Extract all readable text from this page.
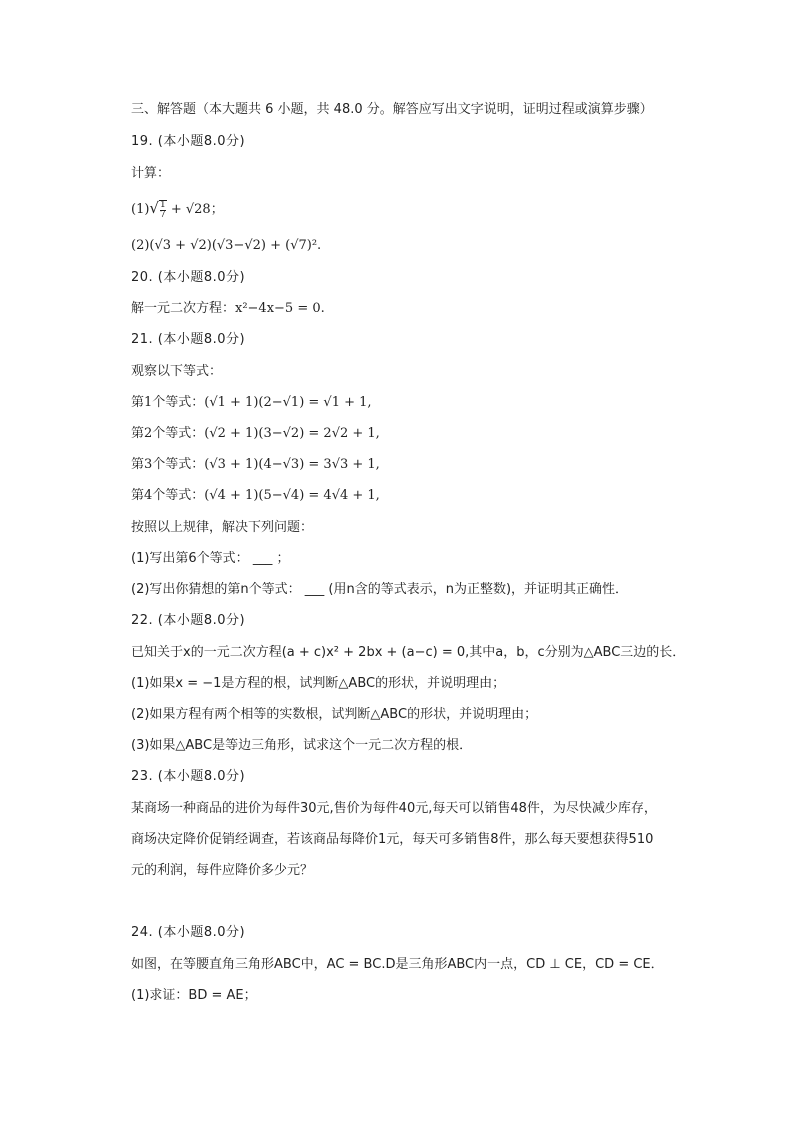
三、解答题（本大题共 6 小题，共 48.0 分。解答应写出文字说明，证明过程或演算步骤）
19. (本小题8.0分)
计算：
$(1)√ \frac{1}{7} + √28$；
(2)(√3 + √2)(√3−√2) + (√7)².
20. (本小题8.0分)
解一元二次方程：x²−4x−5 = 0.
21. (本小题8.0分)
观察以下等式：
第1个等式：(√1 + 1)(2−√1) = √1 + 1,
第2个等式：(√2 + 1)(3−√2) = 2√2 + 1,
第3个等式：(√3 + 1)(4−√3) = 3√3 + 1,
第4个等式：(√4 + 1)(5−√4) = 4√4 + 1,
按照以上规律，解决下列问题：
(1)写出第6个等式： ___ ；
(2)写出你猜想的第n个等式： ___ (用n含的等式表示，n为正整数)，并证明其正确性．
22. (本小题8.0分)
已知关于x的一元二次方程(a + c)x² + 2bx + (a−c) = 0,其中a，b，c分别为△ABC三边的长．
(1)如果x = −1是方程的根，试判断△ABC的形状，并说明理由；
(2)如果方程有两个相等的实数根，试判断△ABC的形状，并说明理由；
(3)如果△ABC是等边三角形，试求这个一元二次方程的根．
23. (本小题8.0分)
某商场一种商品的进价为每件30元,售价为每件40元,每天可以销售48件，为尽快减少库存，
商场决定降价促销经调查，若该商品每降价1元，每天可多销售8件，那么每天要想获得510
元的利润，每件应降价多少元？
24. (本小题8.0分)
如图，在等腰直角三角形ABC中，AC = BC.D是三角形ABC内一点，CD ⊥ CE，CD = CE．
(1)求证：BD = AE；
